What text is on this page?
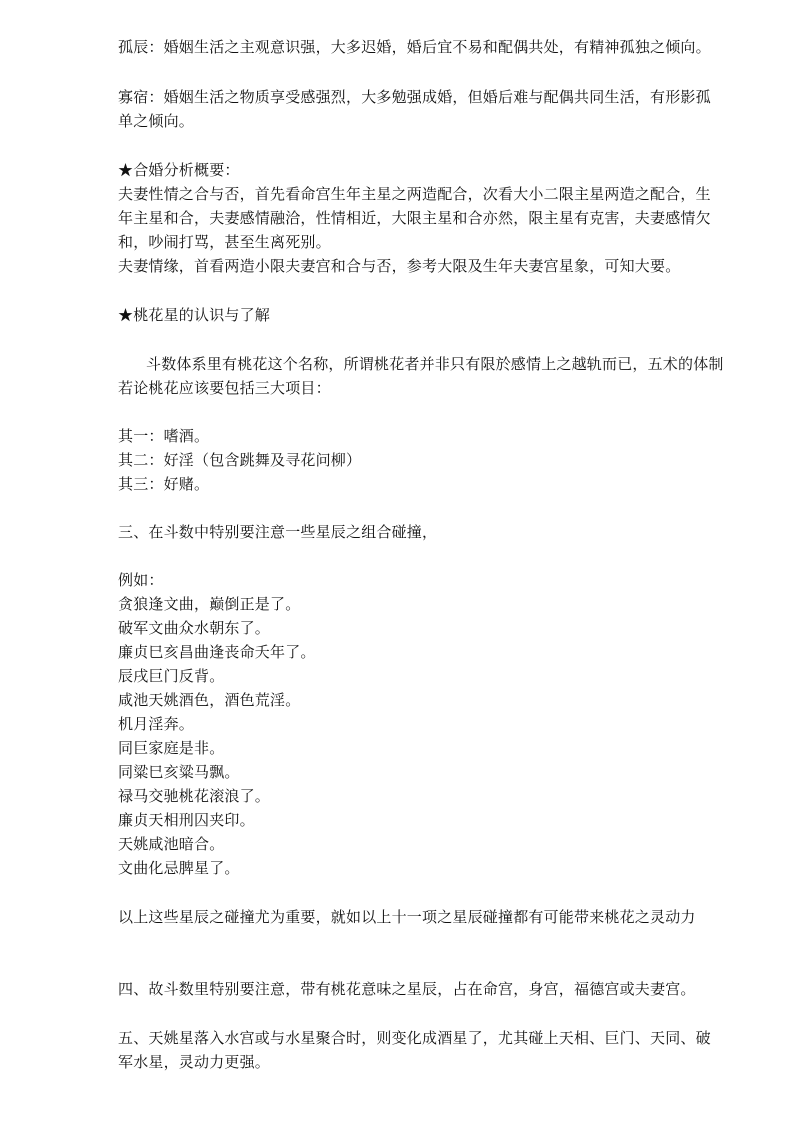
孤辰：婚姻生活之主观意识强，大多迟婚，婚后宜不易和配偶共处，有精神孤独之倾向。
寡宿：婚姻生活之物质享受感强烈，大多勉强成婚，但婚后难与配偶共同生活，有形影孤
单之倾向。
★合婚分析概要：
夫妻性情之合与否，首先看命宫生年主星之两造配合，次看大小二限主星两造之配合，生
年主星和合，夫妻感情融洽，性情相近，大限主星和合亦然，限主星有克害，夫妻感情欠
和，吵闹打骂，甚至生离死别。
夫妻情缘，首看两造小限夫妻宫和合与否，参考大限及生年夫妻宫星象，可知大要。
★桃花星的认识与了解
斗数体系里有桃花这个名称，所谓桃花者并非只有限於感情上之越轨而已，五术的体制
若论桃花应该要包括三大项目：
其一：嗜酒。
其二：好淫（包含跳舞及寻花问柳）
其三：好赌。
三、在斗数中特别要注意一些星辰之组合碰撞，
例如：
贪狼逢文曲，巅倒正是了。
破军文曲众水朝东了。
廉贞巳亥昌曲逢丧命夭年了。
辰戌巨门反背。
咸池天姚酒色，酒色荒淫。
机月淫奔。
同巨家庭是非。
同粱巳亥粱马飘。
禄马交驰桃花滚浪了。
廉贞天相刑囚夹印。
天姚咸池暗合。
文曲化忌脾星了。
以上这些星辰之碰撞尤为重要，就如以上十一项之星辰碰撞都有可能带来桃花之灵动力
四、故斗数里特别要注意，带有桃花意味之星辰，占在命宫，身宫，福德宫或夫妻宫。
五、天姚星落入水宫或与水星聚合时，则变化成酒星了，尤其碰上天相、巨门、天同、破
军水星，灵动力更强。
